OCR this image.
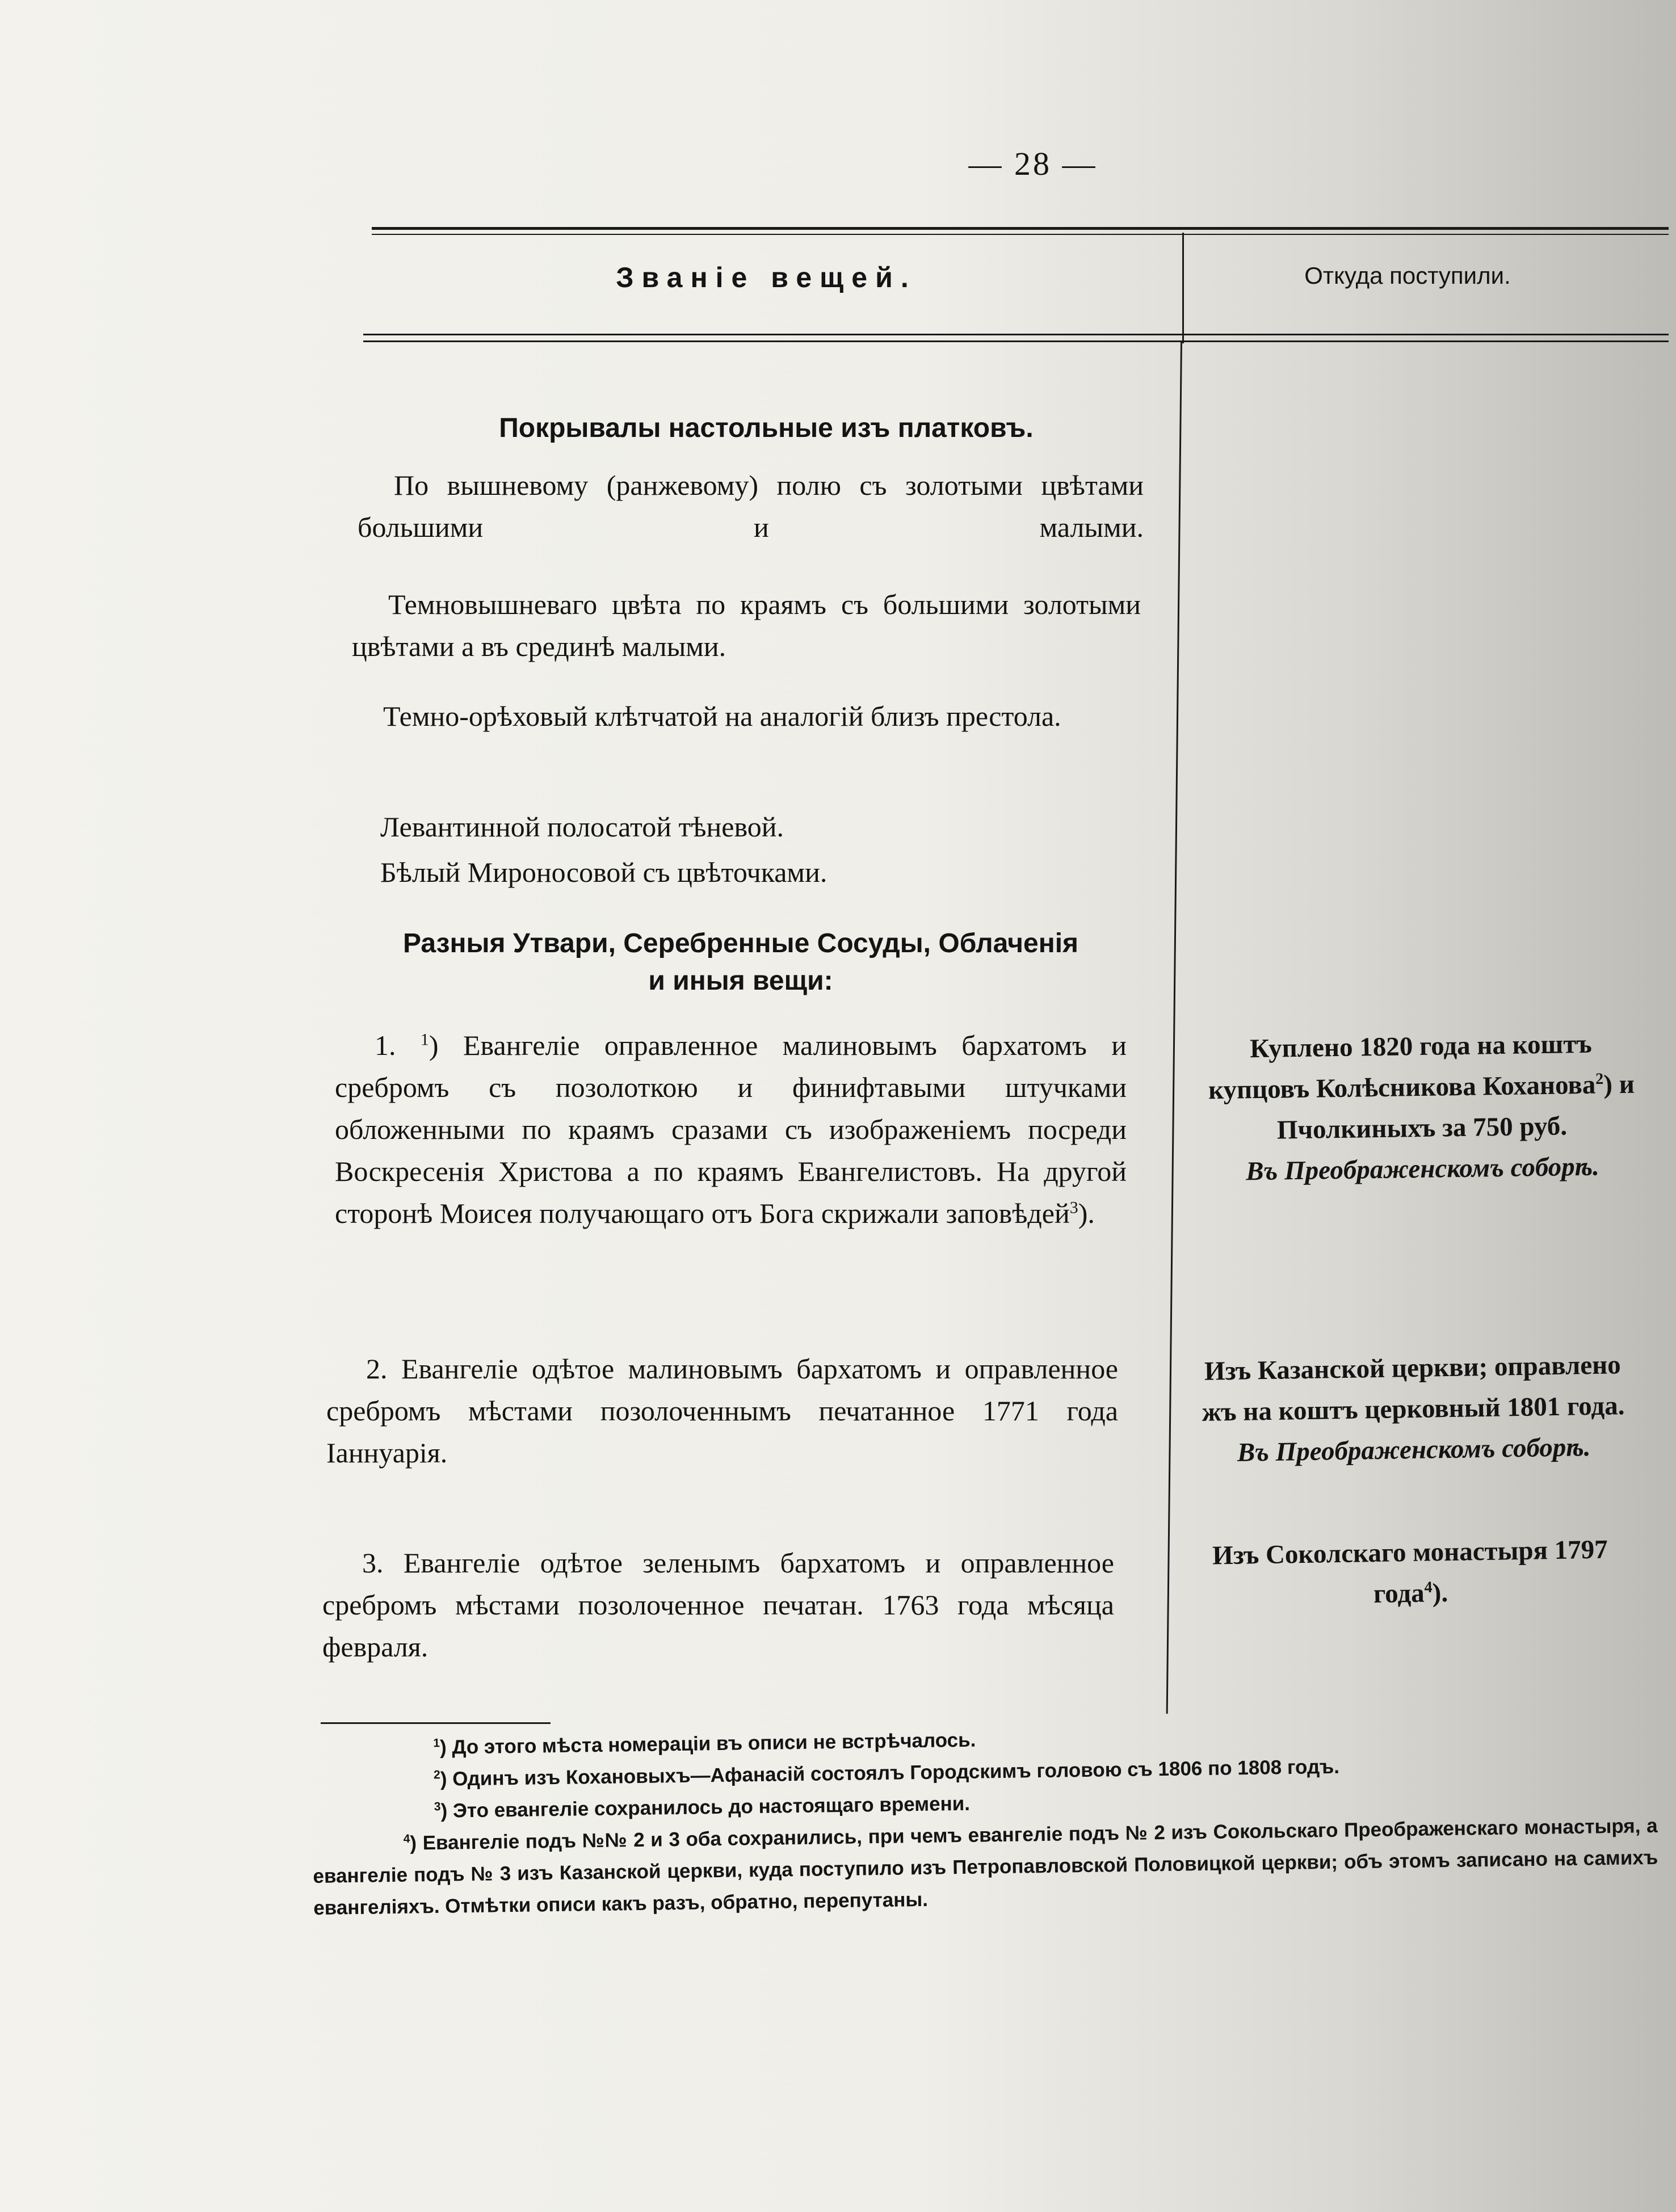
— 28 —
Званіе вещей.	Откуда поступили.
Покрывалы настольные изъ платковъ.
По вышневому (ранжевому) полю съ золотыми цвѣтами большими и малыми.
Темновышневаго цвѣта по краямъ съ большими золотыми цвѣтами а въ срединѣ малыми.
Темно-орѣховый клѣтчатой на аналогій близъ престола.
Левантинной полосатой тѣневой.
Бѣлый Мироносовой съ цвѣточками.
Разныя Утвари, Серебренные Сосуды, Облаченія
и иныя вещи:
1. $^1$) Евангеліе оправленное малиновымъ бархатомъ и сребромъ съ позолоткою и финифтавыми штучками обложенными по краямъ сразами съ изображеніемъ посреди Воскресенія Христова а по краямъ Евангелистовъ. На другой сторонѣ Моисея получающаго отъ Бога скрижали заповѣдей$^3$).
2. Евангеліе одѣтое малиновымъ бархатомъ и оправленное сребромъ мѣстами позолоченнымъ печатанное 1771 года Іаннуарія.
3. Евангеліе одѣтое зеленымъ бархатомъ и оправленное сребромъ мѣстами позолоченное печатан. 1763 года мѣсяца февраля.
Куплено 1820 года на коштъ купцовъ Колѣсникова Коханова$^2$) и Пчолкиныхъ за 750 руб.
Въ Преображенскомъ соборѣ.
Изъ Казанской церкви; оправлено жъ на коштъ церковный 1801 года. Въ Преображенскомъ соборѣ.
Изъ Соколскаго монастыря 1797 года$^4$).
$^1$) До этого мѣста номераціи въ описи не встрѣчалось.
$^2$) Одинъ изъ Кохановыхъ—Афанасій состоялъ Городскимъ головою съ 1806 по 1808 годъ.
$^3$) Это евангеліе сохранилось до настоящаго времени.
$^4$) Евангеліе подъ №№ 2 и 3 оба сохранились, при чемъ евангеліе подъ № 2 изъ Сокольскаго Преображенскаго монастыря, а евангеліе подъ № 3 изъ Казанской церкви, куда поступило изъ Петропавловской Половицкой церкви; объ этомъ записано на самихъ евангеліяхъ. Отмѣтки описи какъ разъ, обратно, перепутаны.
